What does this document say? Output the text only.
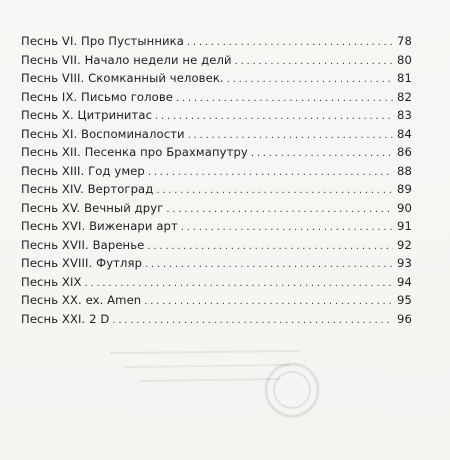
Песнь VI. Про Пустынника . . .	78
Песнь VII. Начало недели не делй . . .	80
Песнь VIII. Скомканный человек. . . .	81
Песнь IX. Письмо голове . . .	82
Песнь X. Цитринитас . . .	83
Песнь XI. Воспоминалости . . .	84
Песнь XII. Песенка про Брахмапутру . . .	86
Песнь XIII. Год умер . . .	88
Песнь XIV. Вертоград . . .	89
Песнь XV. Вечный друг . . .	90
Песнь XVI. Виженари арт . . .	91
Песнь XVII. Варенье . . .	92
Песнь XVIII. Футляр . . .	93
Песнь XIX . . .	94
Песнь XX. ex. Amen . . .	95
Песнь XXI. 2 D . . .	96
